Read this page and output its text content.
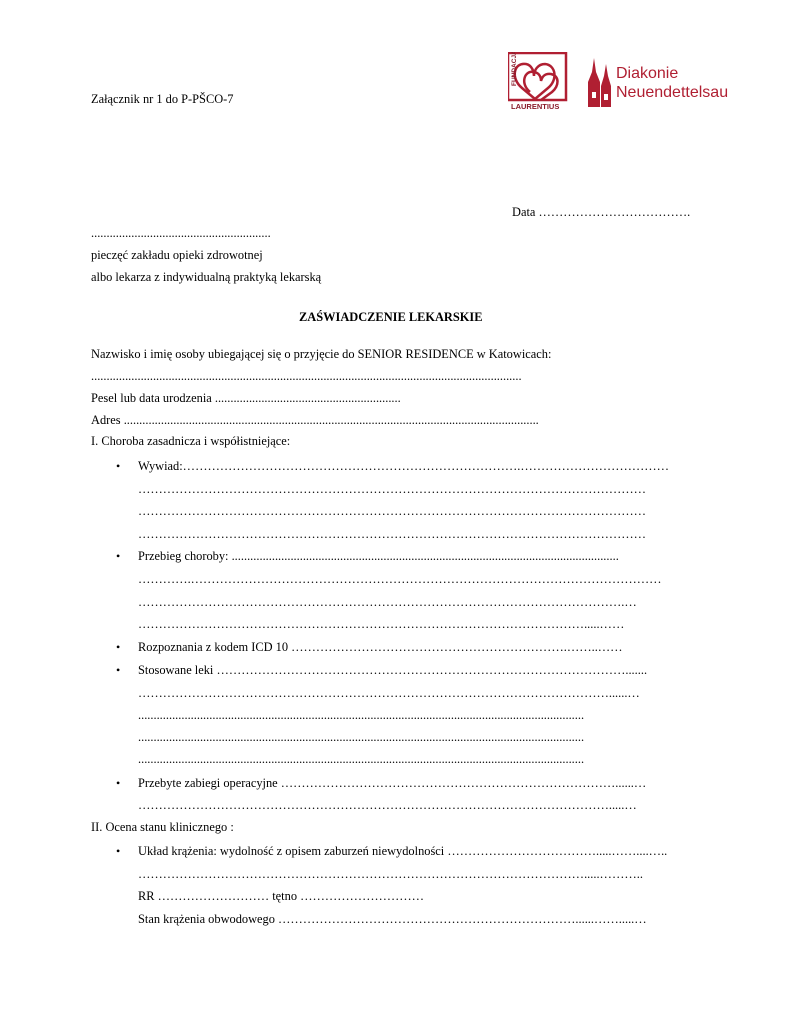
Załącznik nr 1 do P-PŠCO-7
FUNDACJA
LAURENTIUS
Diakonie
Neuendettelsau
Data ……………………………….
..........................................................
pieczęć zakładu opieki zdrowotnej
albo lekarza z indywidualną praktyką lekarską
ZAŚWIADCZENIE LEKARSKIE
Nazwisko i imię osoby ubiegającej się o przyjęcie do SENIOR RESIDENCE w Katowicach:
...........................................................................................................................................
Pesel lub data urodzenia ............................................................
Adres ......................................................................................................................................
I. Choroba zasadnicza i współistniejące:
• Wywiad:……………………………………………………………………….………………………………
……………………………………………………………………………………………………………
……………………………………………………………………………………………………………
……………………………………………………………………………………………………………
• Przebieg choroby: .............................................................................................................................
………….……………………………………………………………………………………………………
……………………………………………………………………………………………………….…
……………………………………………………………………………………………….....……
• Rozpoznania z kodem ICD 10 ………………………………………………………….……..……
• Stosowane leki ……………………………………………………………………………………….......
……………………………………………………………………………………………………......…
................................................................................................................................................
................................................................................................................................................
................................................................................................................................................
• Przebyte zabiegi operacyjne ………………………………………………………………………......…
…………………………………………………………………………………………………….....…
II. Ocena stanu klinicznego :
• Układ krążenia: wydolność z opisem zaburzeń niewydolności ……………………………….....……....…..
……………………………………………………………………………………………….....………..
RR ……………………… tętno …………………………
Stan krążenia obwodowego ………………………………………………………………......…….....…
